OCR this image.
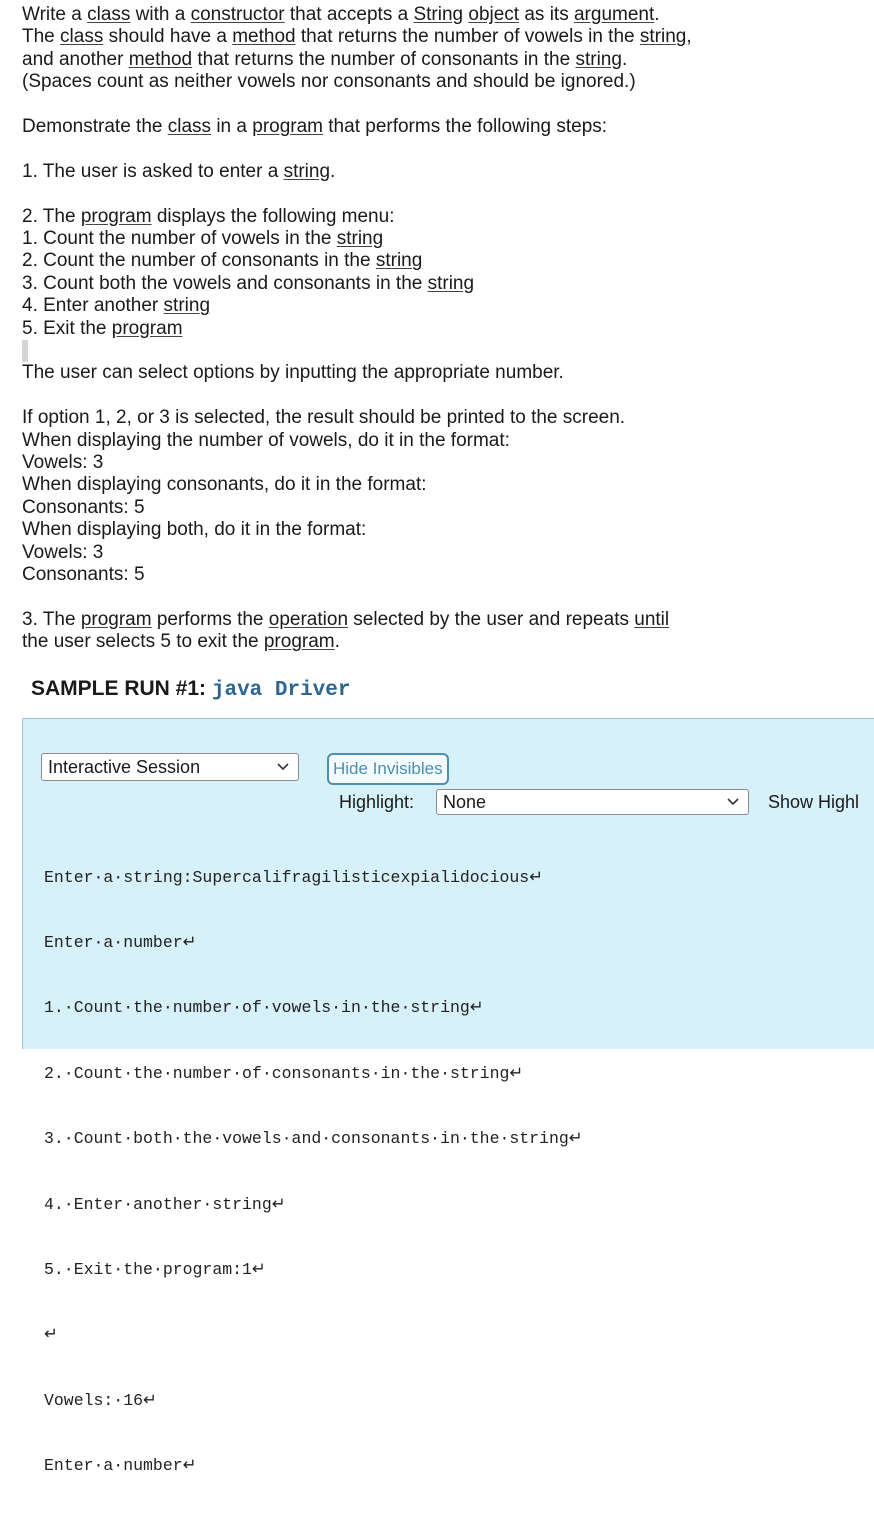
Write a class with a constructor that accepts a String object as its argument.
The class should have a method that returns the number of vowels in the string,
and another method that returns the number of consonants in the string.
(Spaces count as neither vowels nor consonants and should be ignored.)

Demonstrate the class in a program that performs the following steps:

1. The user is asked to enter a string.

2. The program displays the following menu:

1. Count the number of vowels in the string

2. Count the number of consonants in the string

3. Count both the vowels and consonants in the string

4. Enter another string

5. Exit the program

The user can select options by inputting the appropriate number.

If option 1, 2, or 3 is selected, the result should be printed to the screen.

When displaying the number of vowels, do it in the format:

Vowels: 3

When displaying consonants, do it in the format:

Consonants: 5

When displaying both, do it in the format:

Vowels: 3

Consonants: 5

3. The program performs the operation selected by the user and repeats until

the user selects 5 to exit the program.

SAMPLE RUN #1: java Driver
Interactive Session	Hide Invisibles
Highlight:	None	Show Highl

Enter·a·string:Supercalifragilisticexpialidocious↵

Enter·a·number↵

1.·Count·the·number·of·vowels·in·the·string↵

2.·Count·the·number·of·consonants·in·the·string↵

3.·Count·both·the·vowels·and·consonants·in·the·string↵

4.·Enter·another·string↵

5.·Exit·the·program:1↵

↵

Vowels:·16↵

Enter·a·number↵
